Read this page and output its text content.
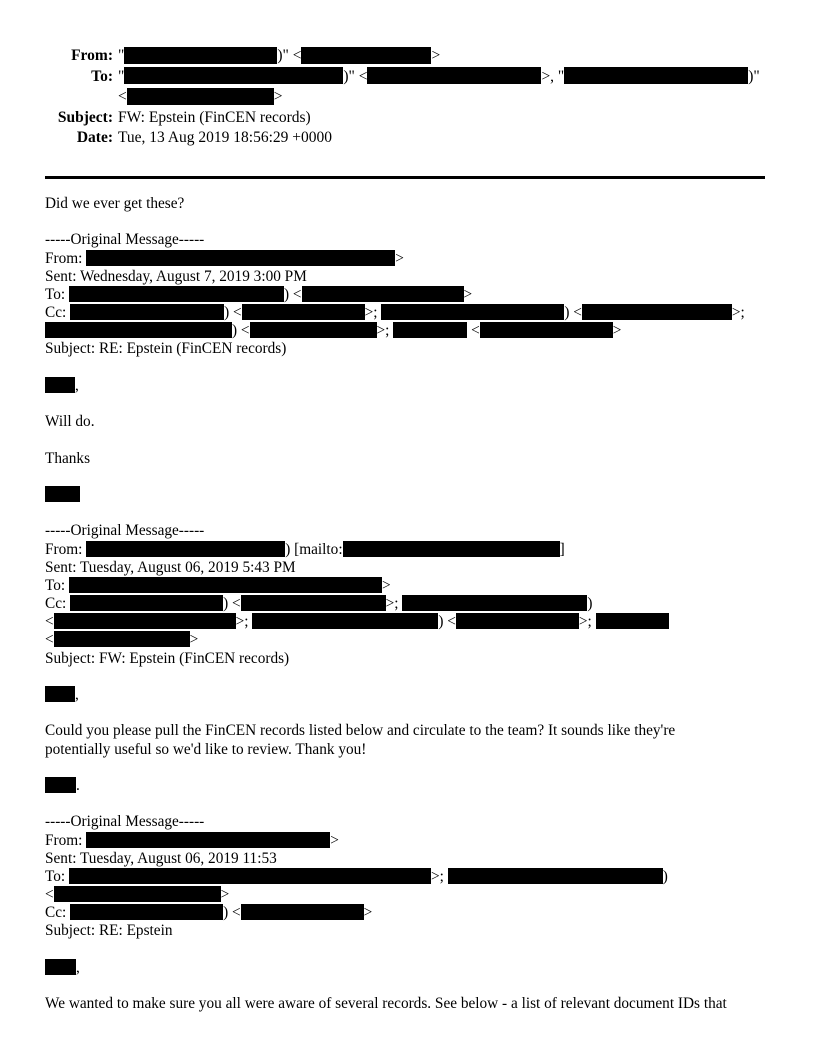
From: "	)" <	>
To: "	)" <	>, "	)"
<	>
Subject: FW: Epstein (FinCEN records)
Date: Tue, 13 Aug 2019 18:56:29 +0000
Did we ever get these?
-----Original Message-----
From:	>
Sent: Wednesday, August 7, 2019 3:00 PM
To:	) <	>
Cc:	) <	>;	) <	>;
) <	>;	<	>
Subject: RE: Epstein (FinCEN records)
,
Will do.
Thanks
-----Original Message-----
From:	) [mailto:	]
Sent: Tuesday, August 06, 2019 5:43 PM
To:	>
Cc:	) <	>;	)
<	>;	) <	>;
<	>
Subject: FW: Epstein (FinCEN records)
,
Could you please pull the FinCEN records listed below and circulate to the team? It sounds like they're
potentially useful so we'd like to review. Thank you!
.
-----Original Message-----
From:	>
Sent: Tuesday, August 06, 2019 11:53
To:	>;	)
<	>
Cc:	) <	>
Subject: RE: Epstein
,
We wanted to make sure you all were aware of several records. See below - a list of relevant document IDs that
